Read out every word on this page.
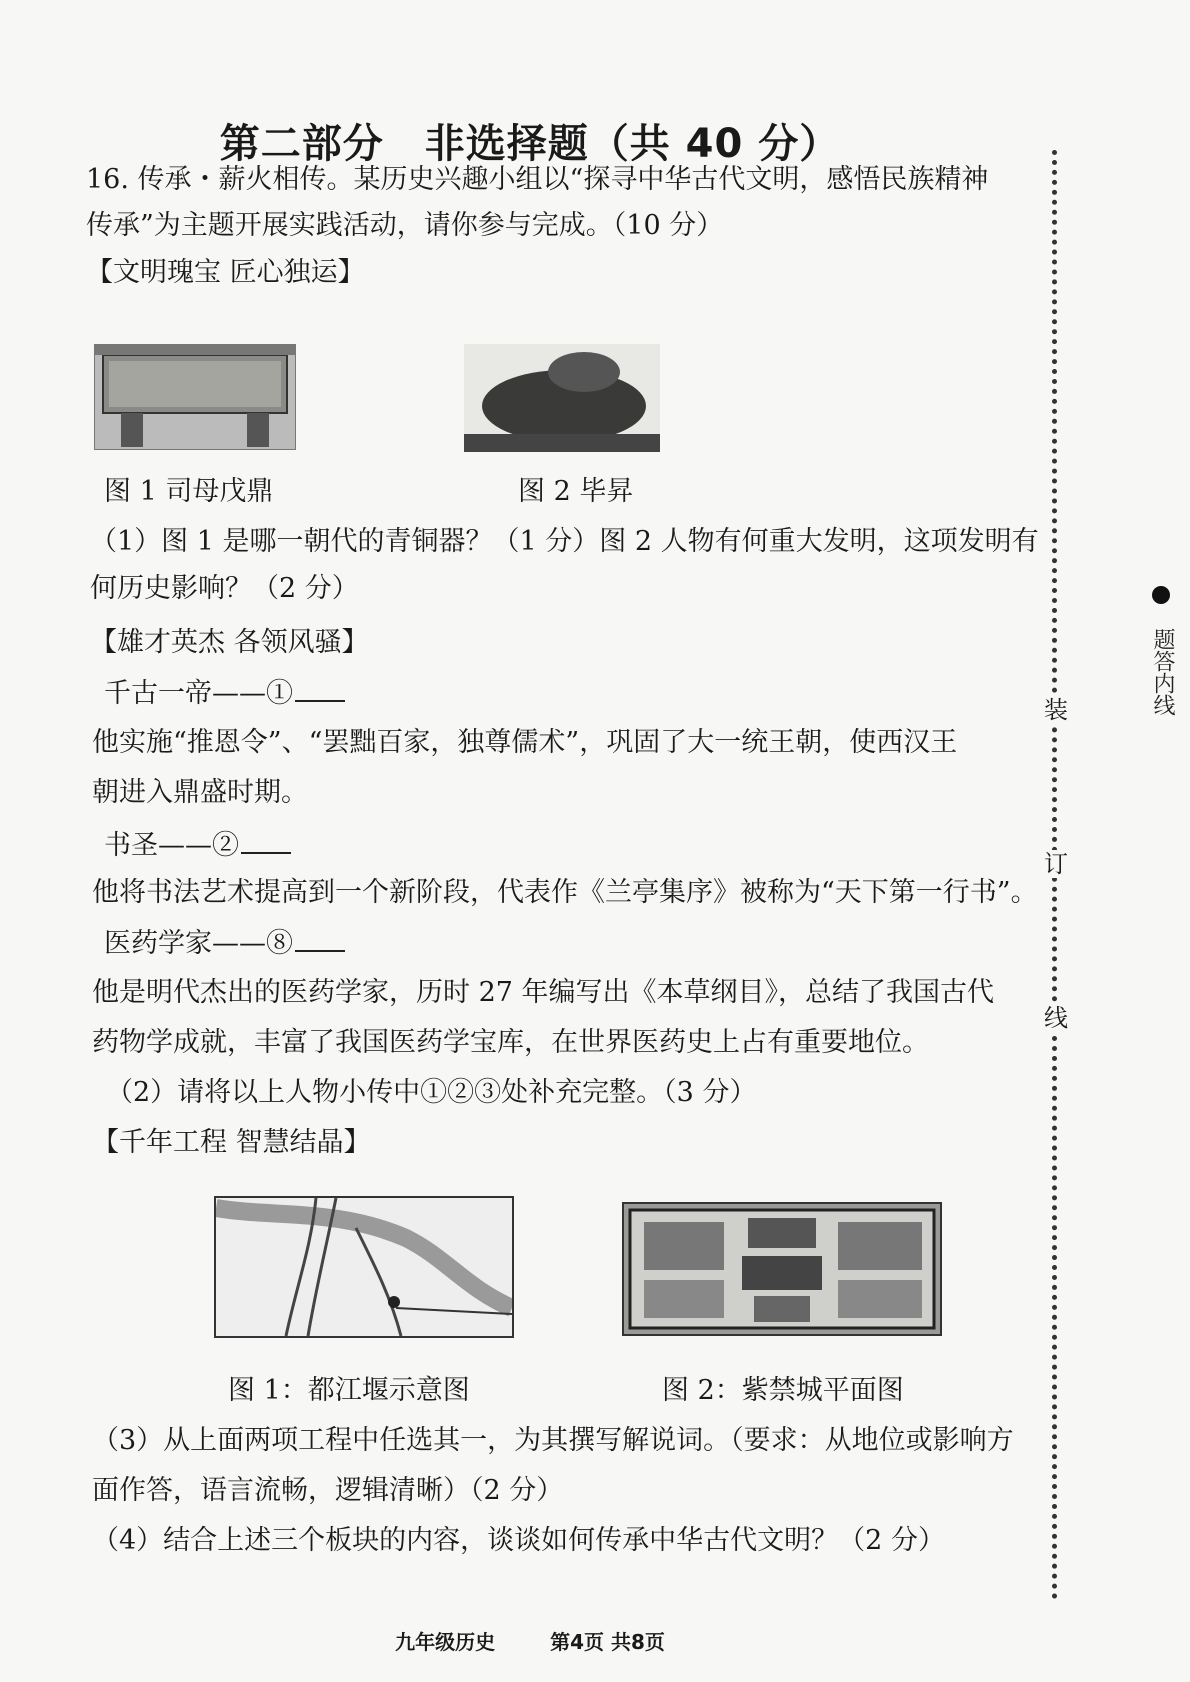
第二部分　非选择题（共 40 分）
16. 传承・薪火相传。某历史兴趣小组以“探寻中华古代文明，感悟民族精神
传承”为主题开展实践活动，请你参与完成。（10 分）
【文明瑰宝 匠心独运】
图 1 司母戊鼎	图 2 毕昇
（1）图 1 是哪一朝代的青铜器？（1 分）图 2 人物有何重大发明，这项发明有
何历史影响？（2 分）
【雄才英杰 各领风骚】
千古一帝——①
他实施“推恩令”、“罢黜百家，独尊儒术”，巩固了大一统王朝，使西汉王
朝进入鼎盛时期。
书圣——②
他将书法艺术提高到一个新阶段，代表作《兰亭集序》被称为“天下第一行书”。
医药学家——⑧
他是明代杰出的医药学家，历时 27 年编写出《本草纲目》，总结了我国古代
药物学成就，丰富了我国医药学宝库，在世界医药史上占有重要地位。
（2）请将以上人物小传中①②③处补充完整。（3 分）
【千年工程 智慧结晶】
图 1：都江堰示意图	图 2：紫禁城平面图
（3）从上面两项工程中任选其一，为其撰写解说词。（要求：从地位或影响方
面作答，语言流畅，逻辑清晰）（2 分）
（4）结合上述三个板块的内容，谈谈如何传承中华古代文明？（2 分）
装
订
线
题答内线
九年级历史	第4页 共8页
